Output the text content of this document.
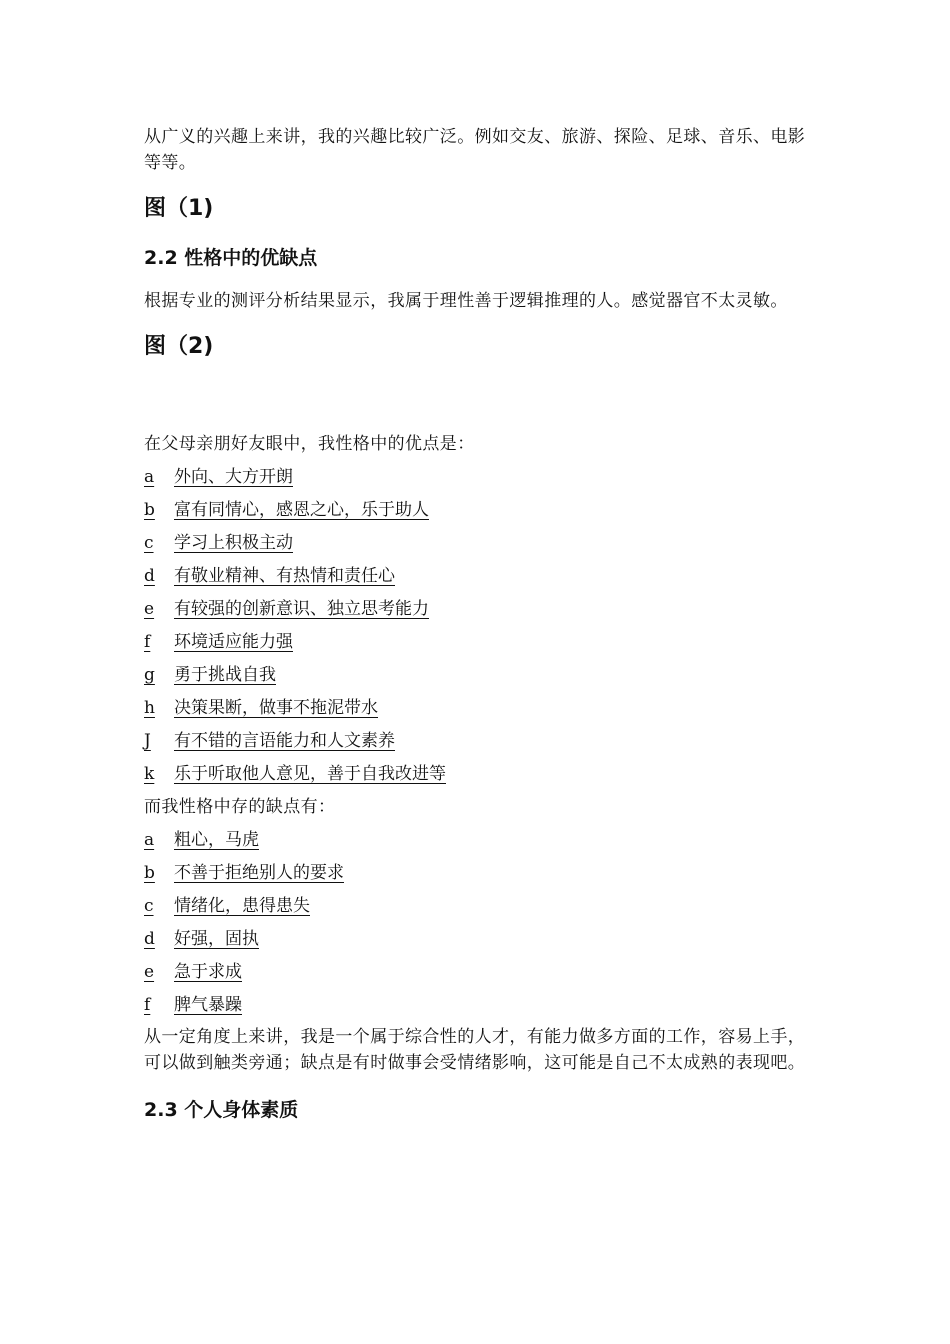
从广义的兴趣上来讲，我的兴趣比较广泛。例如交友、旅游、探险、足球、音乐、电影等等。

图（1)

2.2 性格中的优缺点

根据专业的测评分析结果显示，我属于理性善于逻辑推理的人。感觉器官不太灵敏。

图（2)

在父母亲朋好友眼中，我性格中的优点是：

a 外向、大方开朗
b 富有同情心，感恩之心，乐于助人
c 学习上积极主动
d 有敬业精神、有热情和责任心
e 有较强的创新意识、独立思考能力
f 环境适应能力强
g 勇于挑战自我
h 决策果断，做事不拖泥带水
J 有不错的言语能力和人文素养
k 乐于听取他人意见，善于自我改进等

而我性格中存的缺点有：

a 粗心，马虎
b 不善于拒绝别人的要求
c 情绪化，患得患失
d 好强，固执
e 急于求成
f 脾气暴躁

从一定角度上来讲，我是一个属于综合性的人才，有能力做多方面的工作，容易上手，可以做到触类旁通；缺点是有时做事会受情绪影响，这可能是自己不太成熟的表现吧。

2.3 个人身体素质
